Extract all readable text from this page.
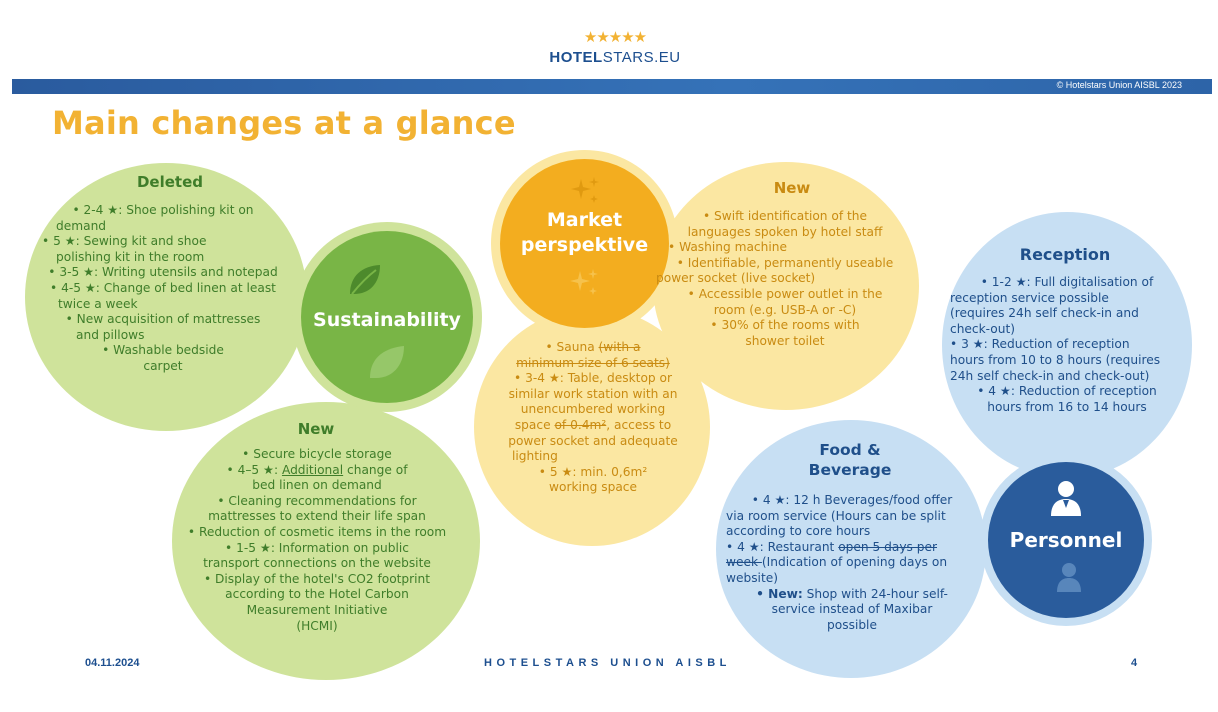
★★★★★
HOTELSTARS.EU
© Hotelstars Union AISBL 2023
Main changes at a glance
Sustainability
Deleted
• 2-4 ★: Shoe polishing kit on
demand
• 5 ★: Sewing kit and shoe
polishing kit in the room
• 3-5 ★: Writing utensils and notepad
• 4-5 ★: Change of bed linen at least
twice a week
• New acquisition of mattresses
and pillows
• Washable bedside
carpet
New
• Secure bicycle storage
• 4–5 ★: Additional change of
bed linen on demand
• Cleaning recommendations for
mattresses to extend their life span
• Reduction of cosmetic items in the room
• 1-5 ★: Information on public
transport connections on the website
• Display of the hotel's CO2 footprint
according to the Hotel Carbon
Measurement Initiative
(HCMI)
Market
perspektive
New
• Swift identification of the
languages spoken by hotel staff
• Washing machine
• Identifiable, permanently useable
power socket (live socket)
• Accessible power outlet in the
room (e.g. USB-A or -C)
• 30% of the rooms with
shower toilet
• Sauna (with a
minimum size of 6 seats)
• 3-4 ★: Table, desktop or
similar work station with an
unencumbered working
space of 0.4m², access to
power socket and adequate
lighting
• 5 ★: min. 0,6m²
working space
Personnel
Reception
• 1-2 ★: Full digitalisation of
reception service possible
(requires 24h self check-in and
check-out)
• 3 ★: Reduction of reception
hours from 10 to 8 hours (requires
24h self check-in and check-out)
• 4 ★: Reduction of reception
hours from 16 to 14 hours
Food &
Beverage
• 4 ★: 12 h Beverages/food offer
via room service (Hours can be split
according to core hours
• 4 ★: Restaurant open 5 days per
week (Indication of opening days on
website)
• New: Shop with 24-hour self-
service instead of Maxibar
possible
04.11.2024	HOTELSTARS UNION AISBL	4
